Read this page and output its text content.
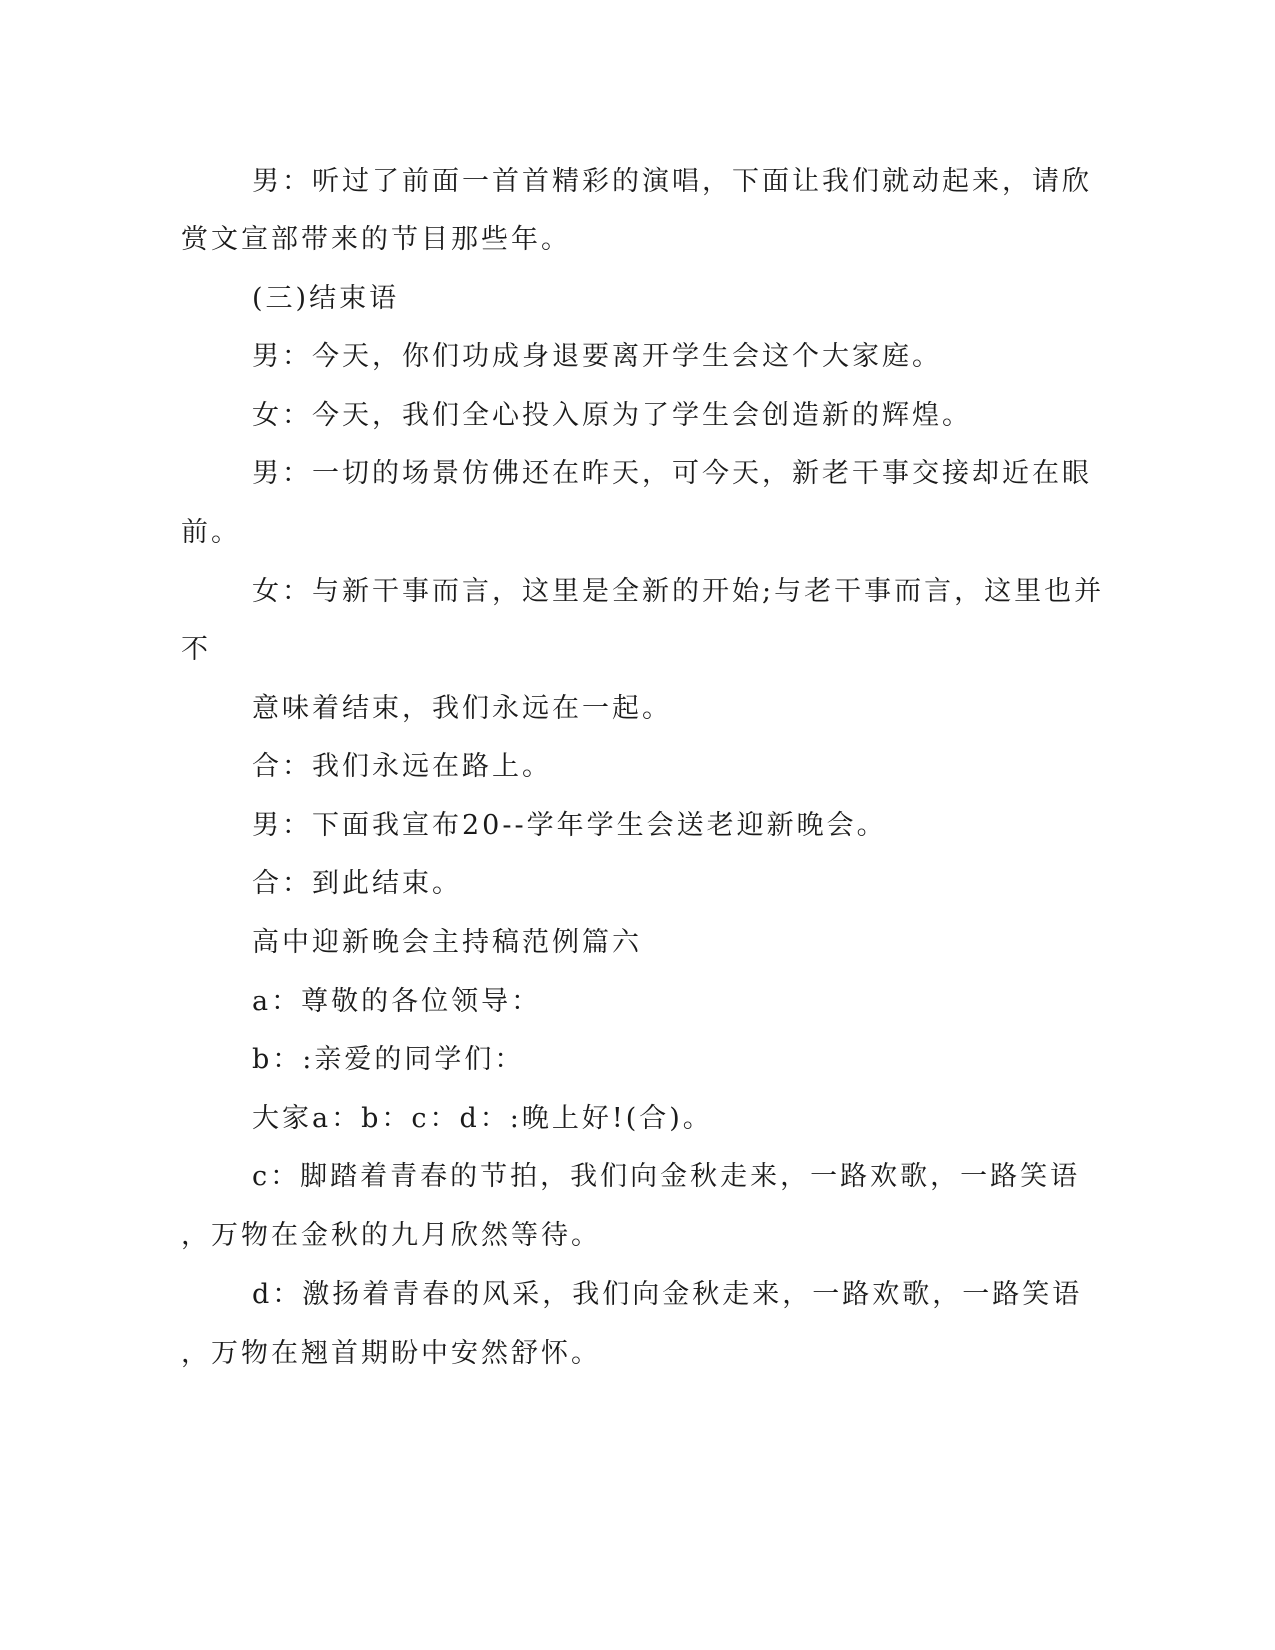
男：听过了前面一首首精彩的演唱，下面让我们就动起来，请欣

赏文宣部带来的节目那些年。

(三)结束语

男：今天，你们功成身退要离开学生会这个大家庭。

女：今天，我们全心投入原为了学生会创造新的辉煌。

男：一切的场景仿佛还在昨天，可今天，新老干事交接却近在眼

前。

女：与新干事而言，这里是全新的开始;与老干事而言，这里也并

不

意味着结束，我们永远在一起。

合：我们永远在路上。

男：下面我宣布20--学年学生会送老迎新晚会。

合：到此结束。

高中迎新晚会主持稿范例篇六

a：尊敬的各位领导：

b：:亲爱的同学们：

大家a：b：c：d：:晚上好!(合)。

c：脚踏着青春的节拍，我们向金秋走来，一路欢歌，一路笑语

，万物在金秋的九月欣然等待。

d：激扬着青春的风采，我们向金秋走来，一路欢歌，一路笑语

，万物在翘首期盼中安然舒怀。
